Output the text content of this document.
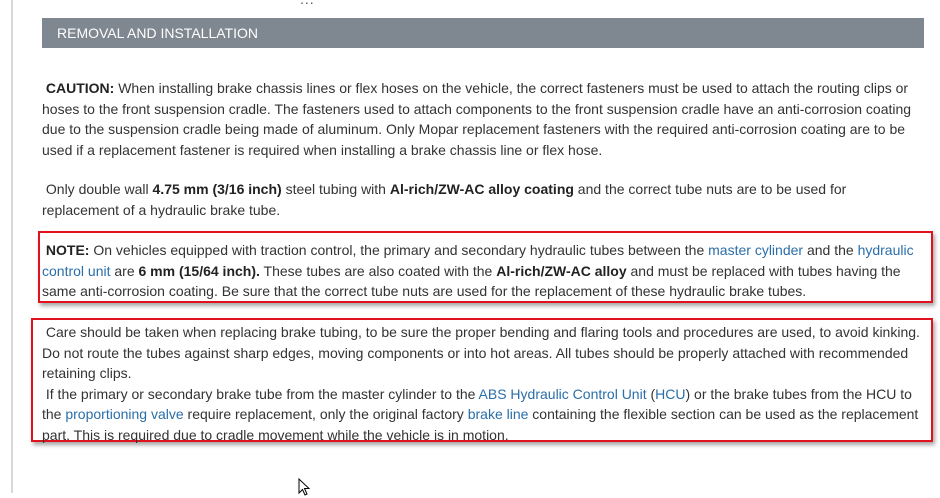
REMOVAL AND INSTALLATION
CAUTION: When installing brake chassis lines or flex hoses on the vehicle, the correct fasteners must be used to attach the routing clips or hoses to the front suspension cradle. The fasteners used to attach components to the front suspension cradle have an anti-corrosion coating due to the suspension cradle being made of aluminum. Only Mopar replacement fasteners with the required anti-corrosion coating are to be used if a replacement fastener is required when installing a brake chassis line or flex hose.
Only double wall 4.75 mm (3/16 inch) steel tubing with Al-rich/ZW-AC alloy coating and the correct tube nuts are to be used for replacement of a hydraulic brake tube.
NOTE: On vehicles equipped with traction control, the primary and secondary hydraulic tubes between the master cylinder and the hydraulic control unit are 6 mm (15/64 inch). These tubes are also coated with the Al-rich/ZW-AC alloy and must be replaced with tubes having the same anti-corrosion coating. Be sure that the correct tube nuts are used for the replacement of these hydraulic brake tubes.
Care should be taken when replacing brake tubing, to be sure the proper bending and flaring tools and procedures are used, to avoid kinking. Do not route the tubes against sharp edges, moving components or into hot areas. All tubes should be properly attached with recommended retaining clips.
If the primary or secondary brake tube from the master cylinder to the ABS Hydraulic Control Unit (HCU) or the brake tubes from the HCU to the proportioning valve require replacement, only the original factory brake line containing the flexible section can be used as the replacement part. This is required due to cradle movement while the vehicle is in motion.
